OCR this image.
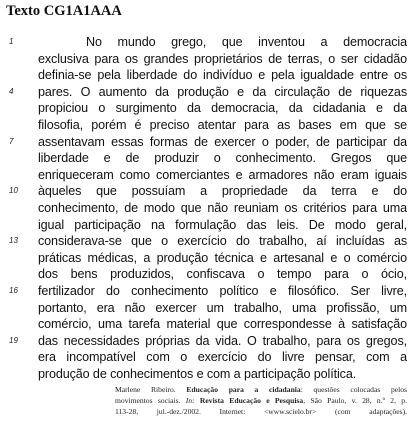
Texto CG1A1AAA
1	No mundo grego, que inventou a democracia
exclusiva para os grandes proprietários de terras, o ser cidadão
definia-se pela liberdade do indivíduo e pela igualdade entre os
4	pares. O aumento da produção e da circulação de riquezas
propiciou o surgimento da democracia, da cidadania e da
filosofia, porém é preciso atentar para as bases em que se
7	assentavam essas formas de exercer o poder, de participar da
liberdade e de produzir o conhecimento. Gregos que
enriqueceram como comerciantes e armadores não eram iguais
10	àqueles que possuíam a propriedade da terra e do
conhecimento, de modo que não reuniam os critérios para uma
igual participação na formulação das leis. De modo geral,
13	considerava-se que o exercício do trabalho, aí incluídas as
práticas médicas, a produção técnica e artesanal e o comércio
dos bens produzidos, confiscava o tempo para o ócio,
16	fertilizador do conhecimento político e filosófico. Ser livre,
portanto, era não exercer um trabalho, uma profissão, um
comércio, uma tarefa material que correspondesse à satisfação
19	das necessidades próprias da vida. O trabalho, para os gregos,
era incompatível com o exercício do livre pensar, com a
produção de conhecimentos e com a participação política.
Marlene Ribeiro. Educação para a cidadania: questões colocadas pelos
movimentos sociais. In: Revista Educação e Pesquisa, São Paulo, v. 28, n.º 2, p.
113-28, jul.-dez./2002. Internet: <www.scielo.br> (com adaptações).
